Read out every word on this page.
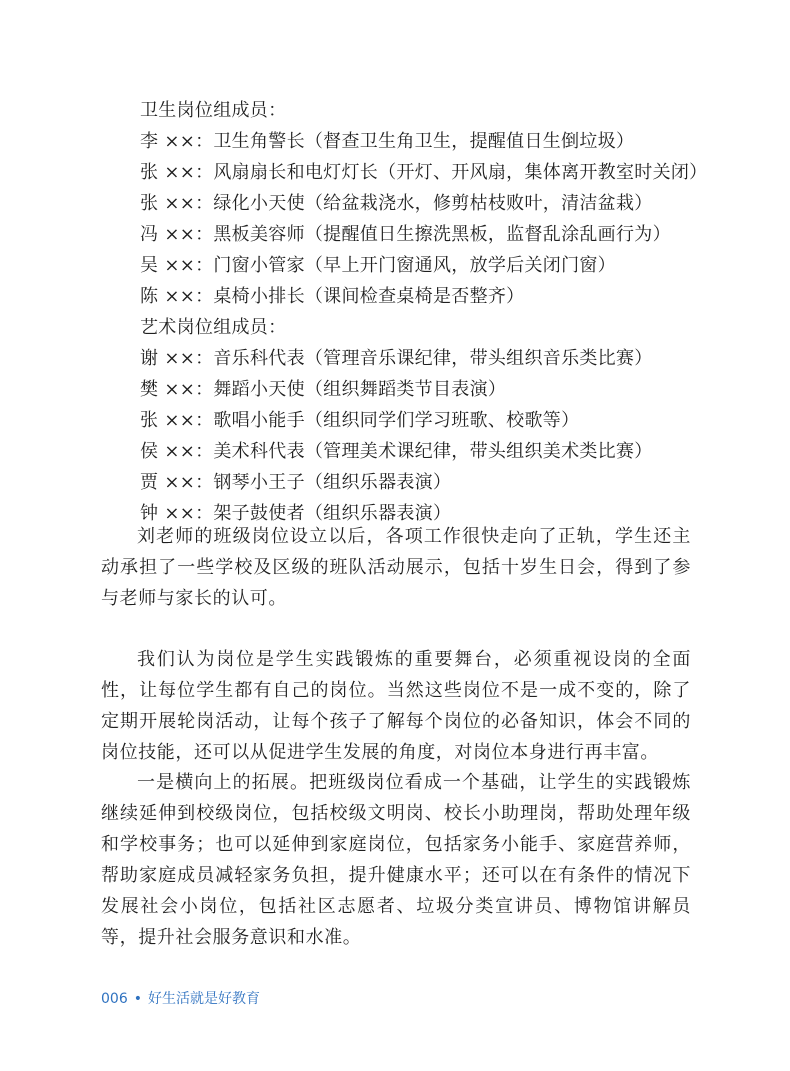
卫生岗位组成员：
李 ××：卫生角警长（督查卫生角卫生，提醒值日生倒垃圾）
张 ××：风扇扇长和电灯灯长（开灯、开风扇，集体离开教室时关闭）
张 ××：绿化小天使（给盆栽浇水，修剪枯枝败叶，清洁盆栽）
冯 ××：黑板美容师（提醒值日生擦洗黑板，监督乱涂乱画行为）
吴 ××：门窗小管家（早上开门窗通风，放学后关闭门窗）
陈 ××：桌椅小排长（课间检查桌椅是否整齐）
艺术岗位组成员：
谢 ××：音乐科代表（管理音乐课纪律，带头组织音乐类比赛）
樊 ××：舞蹈小天使（组织舞蹈类节目表演）
张 ××：歌唱小能手（组织同学们学习班歌、校歌等）
侯 ××：美术科代表（管理美术课纪律，带头组织美术类比赛）
贾 ××：钢琴小王子（组织乐器表演）
钟 ××：架子鼓使者（组织乐器表演）

刘老师的班级岗位设立以后，各项工作很快走向了正轨，学生还主动承担了一些学校及区级的班队活动展示，包括十岁生日会，得到了参与老师与家长的认可。

我们认为岗位是学生实践锻炼的重要舞台，必须重视设岗的全面性，让每位学生都有自己的岗位。当然这些岗位不是一成不变的，除了定期开展轮岗活动，让每个孩子了解每个岗位的必备知识，体会不同的岗位技能，还可以从促进学生发展的角度，对岗位本身进行再丰富。

一是横向上的拓展。把班级岗位看成一个基础，让学生的实践锻炼继续延伸到校级岗位，包括校级文明岗、校长小助理岗，帮助处理年级和学校事务；也可以延伸到家庭岗位，包括家务小能手、家庭营养师，帮助家庭成员减轻家务负担，提升健康水平；还可以在有条件的情况下发展社会小岗位，包括社区志愿者、垃圾分类宣讲员、博物馆讲解员等，提升社会服务意识和水准。

006 • 好生活就是好教育
